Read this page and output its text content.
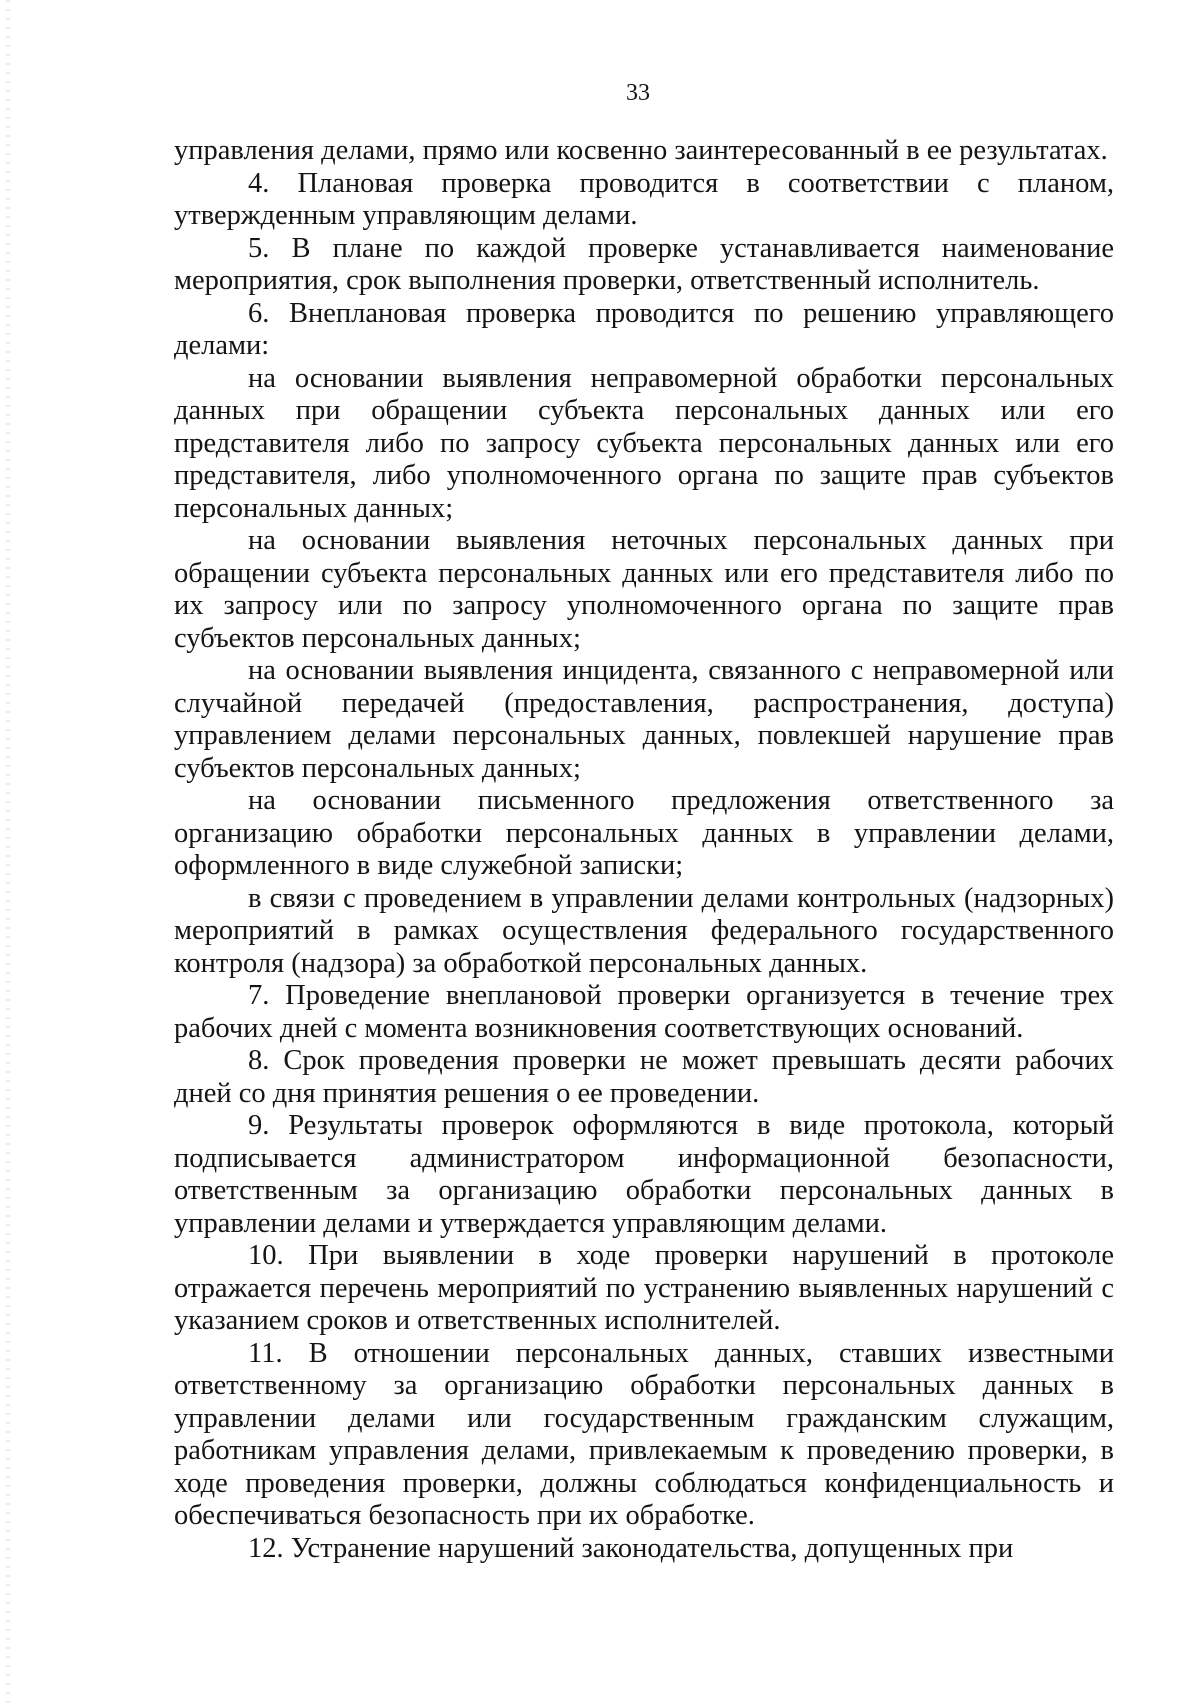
33

управления делами, прямо или косвенно заинтересованный в ее результатах.

4. Плановая проверка проводится в соответствии с планом, утвержденным управляющим делами.

5. В плане по каждой проверке устанавливается наименование мероприятия, срок выполнения проверки, ответственный исполнитель.

6. Внеплановая проверка проводится по решению управляющего делами:

на основании выявления неправомерной обработки персональных данных при обращении субъекта персональных данных или его представителя либо по запросу субъекта персональных данных или его представителя, либо уполномоченного органа по защите прав субъектов персональных данных;

на основании выявления неточных персональных данных при обращении субъекта персональных данных или его представителя либо по их запросу или по запросу уполномоченного органа по защите прав субъектов персональных данных;

на основании выявления инцидента, связанного с неправомерной или случайной передачей (предоставления, распространения, доступа) управлением делами персональных данных, повлекшей нарушение прав субъектов персональных данных;

на основании письменного предложения ответственного за организацию обработки персональных данных в управлении делами, оформленного в виде служебной записки;

в связи с проведением в управлении делами контрольных (надзорных) мероприятий в рамках осуществления федерального государственного контроля (надзора) за обработкой персональных данных.

7. Проведение внеплановой проверки организуется в течение трех рабочих дней с момента возникновения соответствующих оснований.

8. Срок проведения проверки не может превышать десяти рабочих дней со дня принятия решения о ее проведении.

9. Результаты проверок оформляются в виде протокола, который подписывается администратором информационной безопасности, ответственным за организацию обработки персональных данных в управлении делами и утверждается управляющим делами.

10. При выявлении в ходе проверки нарушений в протоколе отражается перечень мероприятий по устранению выявленных нарушений с указанием сроков и ответственных исполнителей.

11. В отношении персональных данных, ставших известными ответственному за организацию обработки персональных данных в управлении делами или государственным гражданским служащим, работникам управления делами, привлекаемым к проведению проверки, в ходе проведения проверки, должны соблюдаться конфиденциальность и обеспечиваться безопасность при их обработке.

12. Устранение нарушений законодательства, допущенных при
